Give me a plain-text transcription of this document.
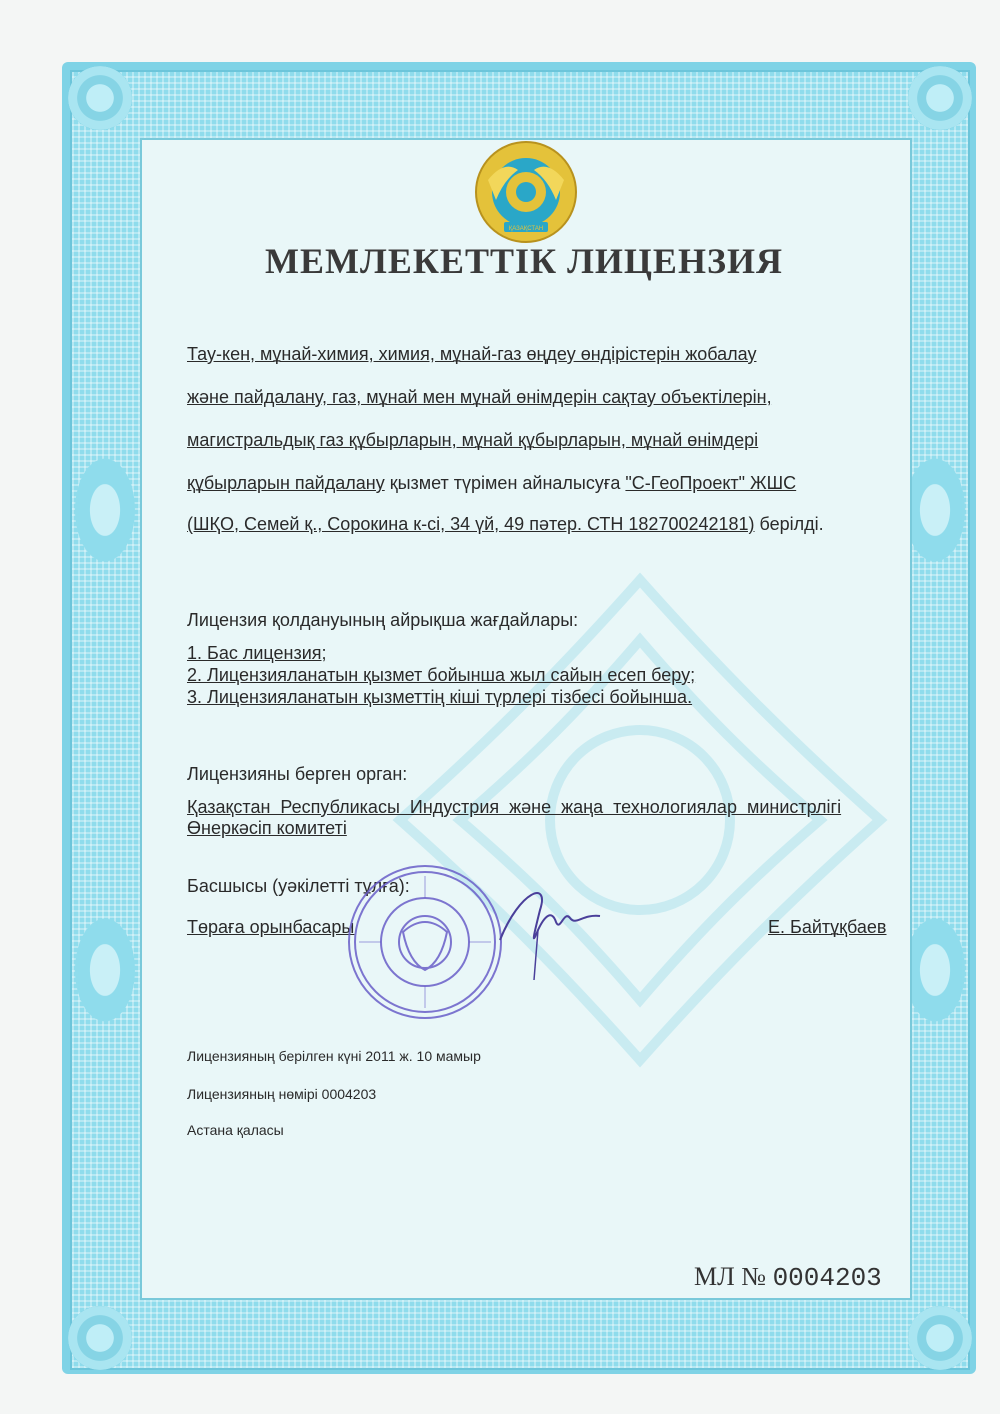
ҚАЗАҚСТАН
МЕМЛЕКЕТТІК ЛИЦЕНЗИЯ
Тау-кен, мұнай-химия, химия, мұнай-газ өңдеу өндірістерін жобалау
және пайдалану, газ, мұнай мен мұнай өнімдерін сақтау объектілерін,
магистральдық газ құбырларын, мұнай құбырларын, мұнай өнімдері
құбырларын пайдалану қызмет түрімен айналысуға "С-ГеоПроект" ЖШС
(ШҚО, Семей қ., Сорокина к-сі, 34 үй, 49 пәтер. СТН 182700242181) берілді.
Лицензия қолдануының айрықша жағдайлары:
1. Бас лицензия;
2. Лицензияланатын қызмет бойынша жыл сайын есеп беру;
3. Лицензияланатын қызметтің кіші түрлері тізбесі бойынша.
Лицензияны берген орган:
Қазақстан  Республикасы  Индустрия  және  жаңа  технологиялар  министрлігі
Өнеркәсіп комитеті
Басшысы (уәкілетті тұлға):
Төраға орынбасары	Е. Байтұқбаев
Лицензияның берілген күні 2011 ж. 10 мамыр
Лицензияның нөмірі 0004203
Астана қаласы
МЛ № 0004203
